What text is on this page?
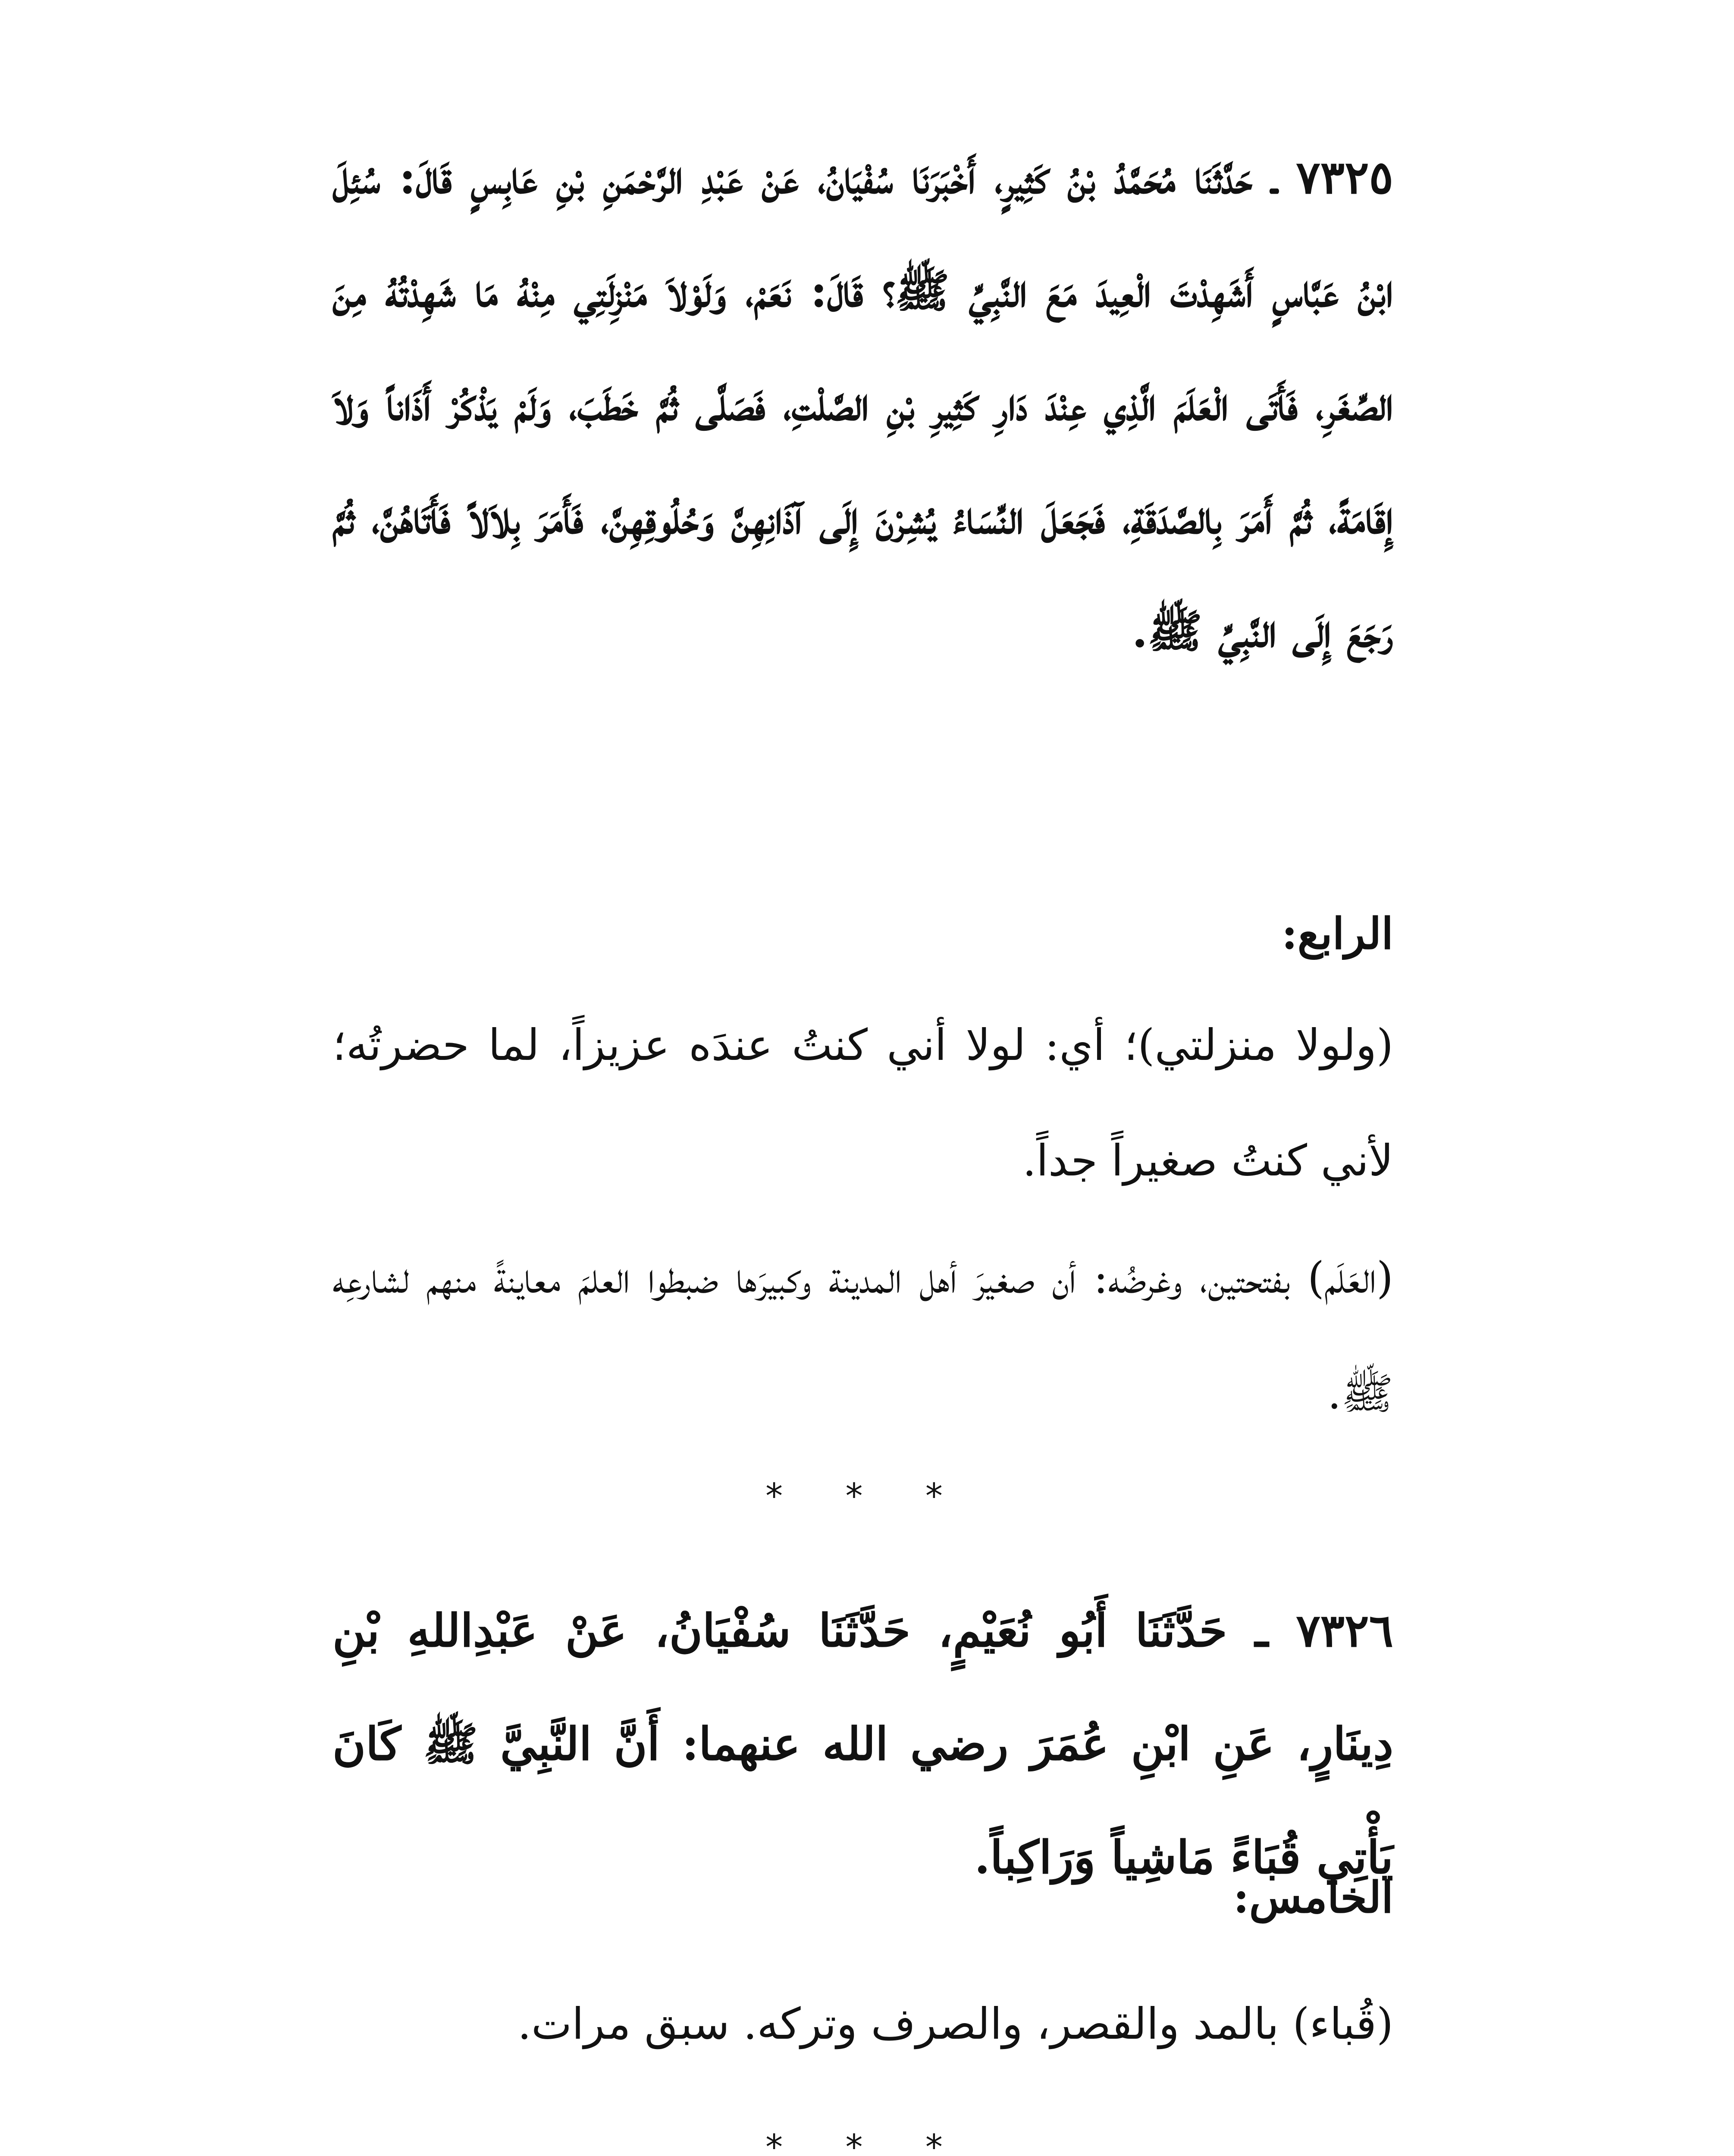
٧٣٢٥ ـ حَدَّثَنَا مُحَمَّدُ بْنُ كَثِيرٍ، أَخْبَرَنَا سُفْيَانُ، عَنْ عَبْدِ الرَّحْمَنِ بْنِ عَابِسٍ قَالَ: سُئِلَ ابْنُ عَبَّاسٍ أَشَهِدْتَ الْعِيدَ مَعَ النَّبِيِّ ﷺ؟ قَالَ: نَعَمْ، وَلَوْلاَ مَنْزِلَتِي مِنْهُ مَا شَهِدْتُهُ مِنَ الصِّغَرِ، فَأَتَى الْعَلَمَ الَّذِي عِنْدَ دَارِ كَثِيرِ بْنِ الصَّلْتِ، فَصَلَّى ثُمَّ خَطَبَ، وَلَمْ يَذْكُرْ أَذَاناً وَلاَ إِقَامَةً، ثُمَّ أَمَرَ بِالصَّدَقَةِ، فَجَعَلَ النِّسَاءُ يُشِرْنَ إِلَى آذَانِهِنَّ وَحُلُوقِهِنَّ، فَأَمَرَ بِلاَلاً فَأَتَاهُنَّ، ثُمَّ رَجَعَ إِلَى النَّبِيِّ ﷺ.

الرابع:

(ولولا منزلتي)؛ أي: لولا أني كنتُ عندَه عزيزاً، لما حضرتُه؛ لأني كنتُ صغيراً جداً.

(العَلَم) بفتحتين، وغرضُه: أن صغيرَ أهل المدينة وكبيرَها ضبطوا العلمَ معاينةً منهم لشارعِه ﷺ.

* * *

٧٣٢٦ ـ حَدَّثَنَا أَبُو نُعَيْمٍ، حَدَّثَنَا سُفْيَانُ، عَنْ عَبْدِاللهِ بْنِ دِينَارٍ، عَنِ ابْنِ عُمَرَ رضي الله عنهما: أَنَّ النَّبِيَّ ﷺ كَانَ يَأْتِي قُبَاءً مَاشِياً وَرَاكِباً.

الخامس:

(قُباء) بالمد والقصر، والصرف وتركه. سبق مرات.

* * *
